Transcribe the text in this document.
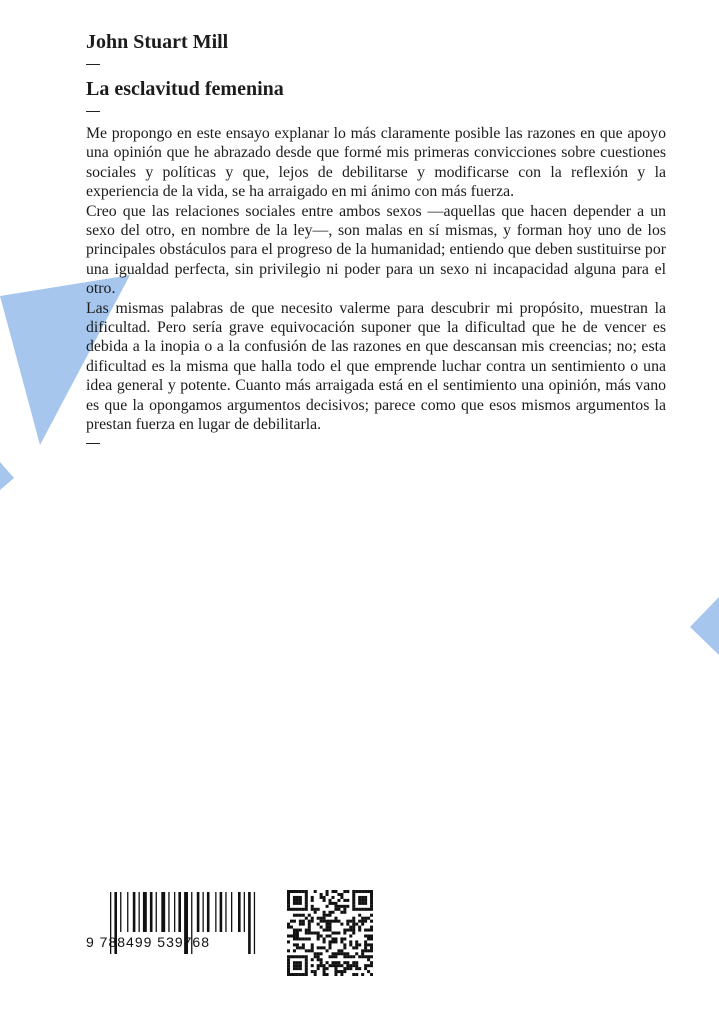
John Stuart Mill
La esclavitud femenina

Me propongo en este ensayo explanar lo más claramente posible las razones en que apoyo una opinión que he abrazado desde que formé mis primeras convicciones sobre cuestiones sociales y políticas y que, lejos de debilitarse y modificarse con la reflexión y la experiencia de la vida, se ha arraigado en mi ánimo con más fuerza.

Creo que las relaciones sociales entre ambos sexos —aquellas que hacen depender a un sexo del otro, en nombre de la ley—, son malas en sí mismas, y forman hoy uno de los principales obstáculos para el progreso de la humanidad; entiendo que deben sustituirse por una igualdad perfecta, sin privilegio ni poder para un sexo ni incapacidad alguna para el otro.

Las mismas palabras de que necesito valerme para descubrir mi propósito, muestran la dificultad. Pero sería grave equivocación suponer que la dificultad que he de vencer es debida a la inopia o a la confusión de las razones en que descansan mis creencias; no; esta dificultad es la misma que halla todo el que emprende luchar contra un sentimiento o una idea general y potente. Cuanto más arraigada está en el sentimiento una opinión, más vano es que la opongamos argumentos decisivos; parece como que esos mismos argumentos la prestan fuerza en lugar de debilitarla.

9 788499 539768
